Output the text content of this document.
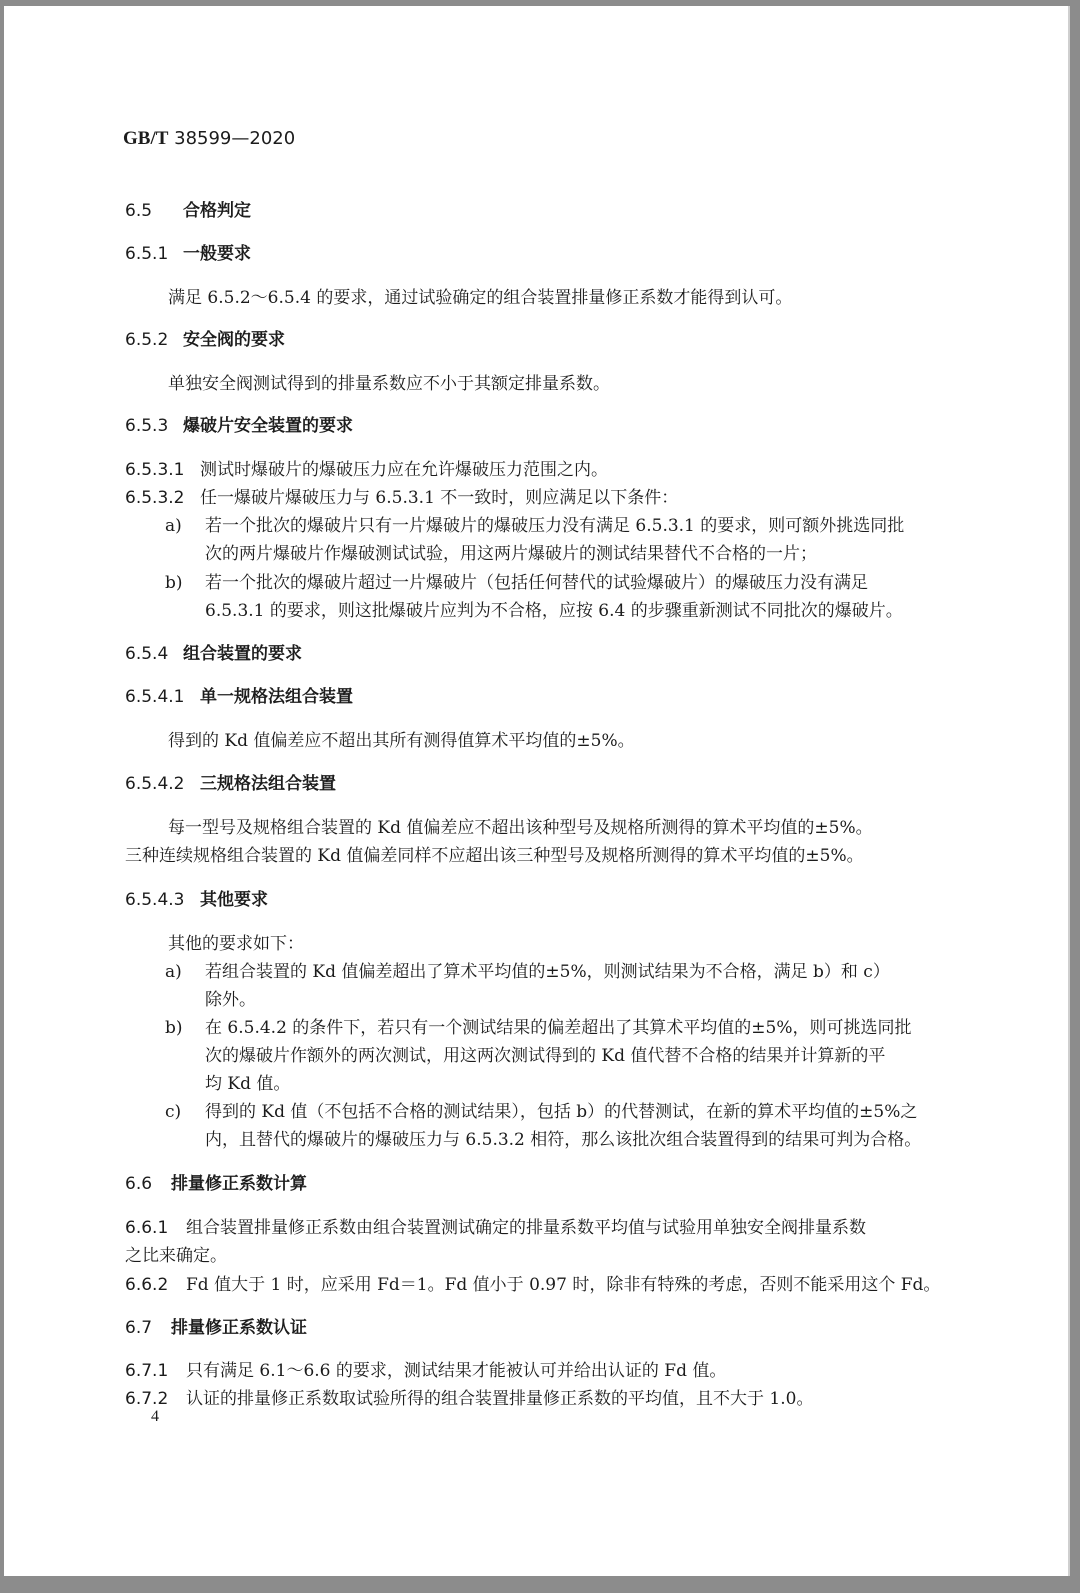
GB/T 38599—2020
6.5 合格判定
6.5.1 一般要求
满足 6.5.2～6.5.4 的要求，通过试验确定的组合装置排量修正系数才能得到认可。
6.5.2 安全阀的要求
单独安全阀测试得到的排量系数应不小于其额定排量系数。
6.5.3 爆破片安全装置的要求
6.5.3.1 测试时爆破片的爆破压力应在允许爆破压力范围之内。
6.5.3.2 任一爆破片爆破压力与 6.5.3.1 不一致时，则应满足以下条件：
a) 若一个批次的爆破片只有一片爆破片的爆破压力没有满足 6.5.3.1 的要求，则可额外挑选同批
次的两片爆破片作爆破测试试验，用这两片爆破片的测试结果替代不合格的一片；
b) 若一个批次的爆破片超过一片爆破片（包括任何替代的试验爆破片）的爆破压力没有满足
6.5.3.1 的要求，则这批爆破片应判为不合格，应按 6.4 的步骤重新测试不同批次的爆破片。
6.5.4 组合装置的要求
6.5.4.1 单一规格法组合装置
得到的 Kd 值偏差应不超出其所有测得值算术平均值的±5%。
6.5.4.2 三规格法组合装置
每一型号及规格组合装置的 Kd 值偏差应不超出该种型号及规格所测得的算术平均值的±5%。
三种连续规格组合装置的 Kd 值偏差同样不应超出该三种型号及规格所测得的算术平均值的±5%。
6.5.4.3 其他要求
其他的要求如下：
a) 若组合装置的 Kd 值偏差超出了算术平均值的±5%，则测试结果为不合格，满足 b）和 c）
除外。
b) 在 6.5.4.2 的条件下，若只有一个测试结果的偏差超出了其算术平均值的±5%，则可挑选同批
次的爆破片作额外的两次测试，用这两次测试得到的 Kd 值代替不合格的结果并计算新的平
均 Kd 值。
c) 得到的 Kd 值（不包括不合格的测试结果），包括 b）的代替测试，在新的算术平均值的±5%之
内，且替代的爆破片的爆破压力与 6.5.3.2 相符，那么该批次组合装置得到的结果可判为合格。
6.6 排量修正系数计算
6.6.1 组合装置排量修正系数由组合装置测试确定的排量系数平均值与试验用单独安全阀排量系数
之比来确定。
6.6.2 Fd 值大于 1 时，应采用 Fd＝1。Fd 值小于 0.97 时，除非有特殊的考虑，否则不能采用这个 Fd。
6.7 排量修正系数认证
6.7.1 只有满足 6.1～6.6 的要求，测试结果才能被认可并给出认证的 Fd 值。
6.7.2 认证的排量修正系数取试验所得的组合装置排量修正系数的平均值，且不大于 1.0。
4
